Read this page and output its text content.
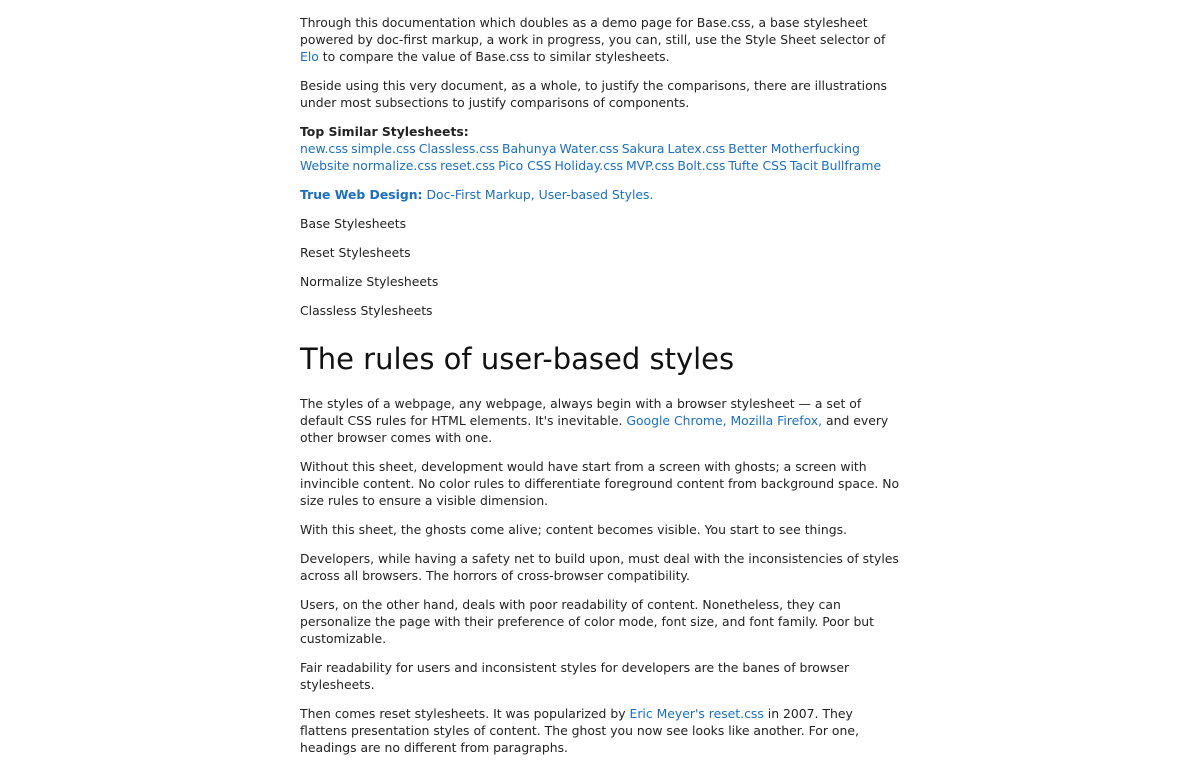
Through this documentation which doubles as a demo page for Base.css, a base stylesheet powered by doc-first markup, a work in progress, you can, still, use the Style Sheet selector of Elo to compare the value of Base.css to similar stylesheets.

Beside using this very document, as a whole, to justify the comparisons, there are illustrations under most subsections to justify comparisons of components.

Top Similar Stylesheets: new.css simple.css Classless.css Bahunya Water.css Sakura Latex.css Better Motherfucking Website normalize.css reset.css Pico CSS Holiday.css MVP.css Bolt.css Tufte CSS Tacit Bullframe

True Web Design: Doc-First Markup, User-based Styles.

Base Stylesheets

Reset Stylesheets

Normalize Stylesheets

Classless Stylesheets

The rules of user-based styles

The styles of a webpage, any webpage, always begin with a browser stylesheet — a set of default CSS rules for HTML elements. It's inevitable. Google Chrome, Mozilla Firefox, and every other browser comes with one.

Without this sheet, development would have start from a screen with ghosts; a screen with invincible content. No color rules to differentiate foreground content from background space. No size rules to ensure a visible dimension.

With this sheet, the ghosts come alive; content becomes visible. You start to see things.

Developers, while having a safety net to build upon, must deal with the inconsistencies of styles across all browsers. The horrors of cross-browser compatibility.

Users, on the other hand, deals with poor readability of content. Nonetheless, they can personalize the page with their preference of color mode, font size, and font family. Poor but customizable.

Fair readability for users and inconsistent styles for developers are the banes of browser stylesheets.

Then comes reset stylesheets. It was popularized by Eric Meyer's reset.css in 2007. They flattens presentation styles of content. The ghost you now see looks like another. For one, headings are no different from paragraphs.
